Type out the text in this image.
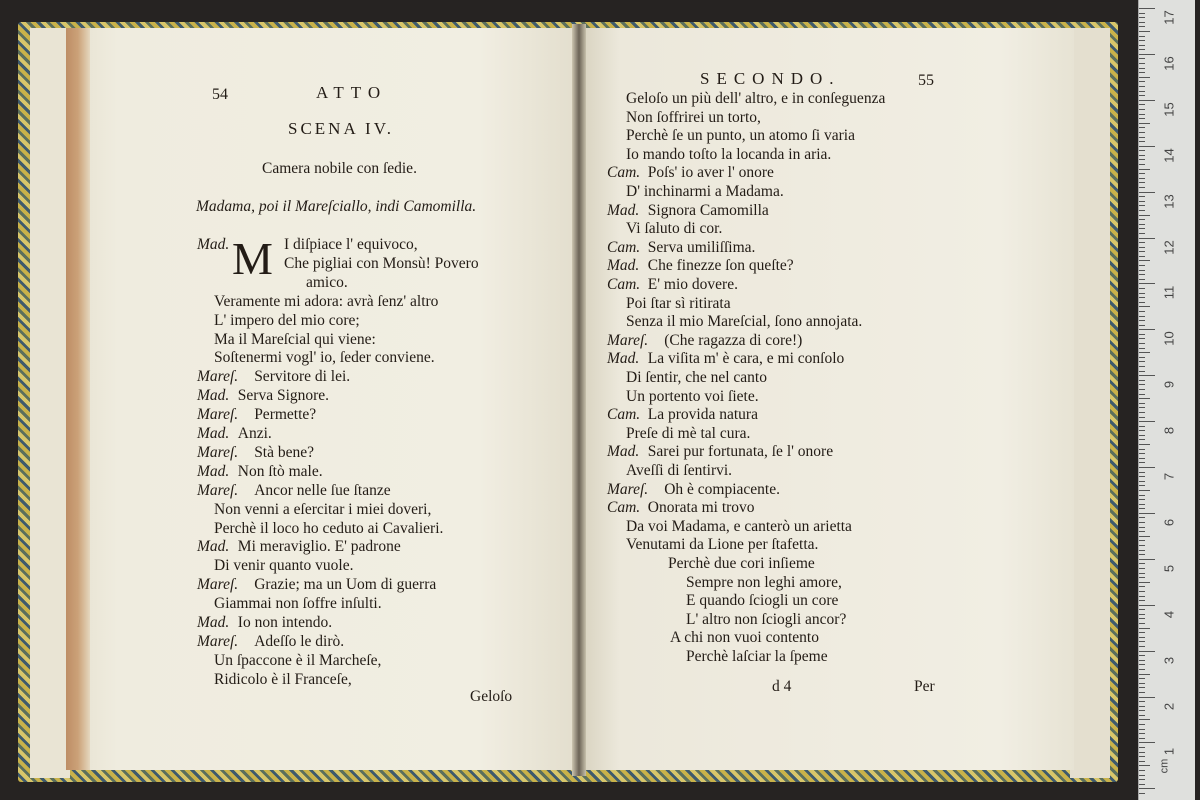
54	ATTO
SCENA IV.
Camera nobile con ſedie.
Madama, poi il Mareſciallo, indi Camomilla.
M
Mad.	I diſpiace l' equivoco,
Che pigliai con Monsù! Povero
amico.
Veramente mi adora: avrà ſenz' altro
L' impero del mio core;
Ma il Mareſcial qui viene:
Soſtenermi vogl' io, ſeder conviene.
Mareſ. Servitore di lei.
Mad. Serva Signore.
Mareſ. Permette?
Mad. Anzi.
Mareſ. Stà bene?
Mad. Non ſtò male.
Mareſ. Ancor nelle ſue ſtanze
Non venni a eſercitar i miei doveri,
Perchè il loco ho ceduto ai Cavalieri.
Mad. Mi meraviglio. E' padrone
Di venir quanto vuole.
Mareſ. Grazie; ma un Uom di guerra
Giammai non ſoffre inſulti.
Mad. Io non intendo.
Mareſ. Adeſſo le dirò.
Un ſpaccone è il Marcheſe,
Ridicolo è il Franceſe,
Geloſo
SECONDO.	55
Geloſo un più dell' altro, e in conſeguenza
Non ſoffrirei un torto,
Perchè ſe un punto, un atomo ſi varia
Io mando toſto la locanda in aria.
Cam. Poſs' io aver l' onore
D' inchinarmi a Madama.
Mad. Signora Camomilla
Vi ſaluto di cor.
Cam. Serva umiliſſima.
Mad. Che finezze ſon queſte?
Cam. E' mio dovere.
Poi ſtar sì ritirata
Senza il mio Mareſcial, ſono annojata.
Mareſ. (Che ragazza di core!)
Mad. La viſita m' è cara, e mi conſolo
Di ſentir, che nel canto
Un portento voi ſiete.
Cam. La provida natura
Preſe di mè tal cura.
Mad. Sarei pur fortunata, ſe l' onore
Aveſſi di ſentirvi.
Mareſ. Oh è compiacente.
Cam. Onorata mi trovo
Da voi Madama, e canterò un arietta
Venutami da Lione per ſtafetta.
Perchè due cori inſieme
Sempre non leghi amore,
E quando ſciogli un core
L' altro non ſciogli ancor?
A chi non vuoi contento
Perchè laſciar la ſpeme
d 4	Per
17
16
15
14
13
12
11
10
9
8
7
6
5
4
3
2
1
cm
